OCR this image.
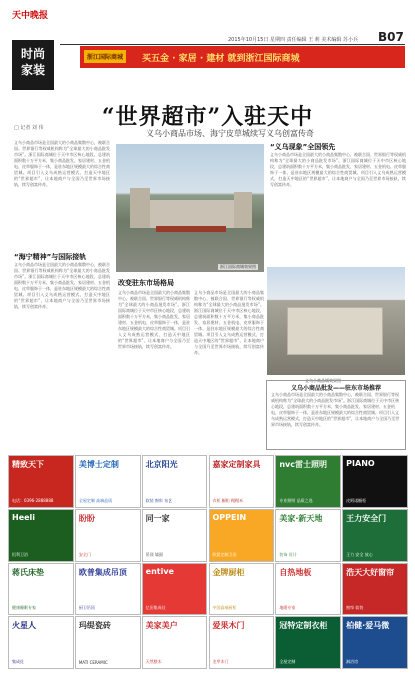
天中晚报
时尚
家装
2015年10月15日 星期四 责任编辑 王 莉 美术编辑 苏小兵 B07
浙江国际商城	买五金 · 家居 · 建材 就到浙江国际商城
“世界超市”入驻天中
义乌小商品市场、海宁皮草城续写义乌创富传奇
□ 记者 刘 伟
义乌小商品市场是全国最大的小商品集散中心，被联合国、世界银行等权威机构称为“全球最大的小商品批发市场”。浙江国际商城位于天中市区核心地段，总建筑面积数十万平方米，集小商品批发、家居建材、五金机电、皮草服饰于一体，是驻东地区规模最大的综合性商贸城。项目引入义乌成熟运营模式，打造天中地区的“世界超市”，让本地商户与全国乃至世界市场接轨，续写创富传奇。
“海宁精神”与国际接轨
义乌小商品市场是全国最大的小商品集散中心，被联合国、世界银行等权威机构称为“全球最大的小商品批发市场”。浙江国际商城位于天中市区核心地段，总建筑面积数十万平方米，集小商品批发、家居建材、五金机电、皮草服饰于一体，是驻东地区规模最大的综合性商贸城。项目引入义乌成熟运营模式，打造天中地区的“世界超市”，让本地商户与全国乃至世界市场接轨，续写创富传奇。
浙江国际商城效果图
改变驻东市场格局
义乌小商品市场是全国最大的小商品集散中心，被联合国、世界银行等权威机构称为“全球最大的小商品批发市场”。浙江国际商城位于天中市区核心地段，总建筑面积数十万平方米，集小商品批发、家居建材、五金机电、皮草服饰于一体，是驻东地区规模最大的综合性商贸城。项目引入义乌成熟运营模式，打造天中地区的“世界超市”，让本地商户与全国乃至世界市场接轨，续写创富传奇。
义乌小商品市场是全国最大的小商品集散中心，被联合国、世界银行等权威机构称为“全球最大的小商品批发市场”。浙江国际商城位于天中市区核心地段，总建筑面积数十万平方米，集小商品批发、家居建材、五金机电、皮草服饰于一体，是驻东地区规模最大的综合性商贸城。项目引入义乌成熟运营模式，打造天中地区的“世界超市”，让本地商户与全国乃至世界市场接轨，续写创富传奇。
“义乌现象”全国领先
义乌小商品市场是全国最大的小商品集散中心，被联合国、世界银行等权威机构称为“全球最大的小商品批发市场”。浙江国际商城位于天中市区核心地段，总建筑面积数十万平方米，集小商品批发、家居建材、五金机电、皮草服饰于一体，是驻东地区规模最大的综合性商贸城。项目引入义乌成熟运营模式，打造天中地区的“世界超市”，让本地商户与全国乃至世界市场接轨，续写创富传奇。
义乌小商品城效果图
义乌小商品批发——驻东市场推荐
义乌小商品市场是全国最大的小商品集散中心，被联合国、世界银行等权威机构称为“全球最大的小商品批发市场”。浙江国际商城位于天中市区核心地段，总建筑面积数十万平方米，集小商品批发、家居建材、五金机电、皮草服饰于一体，是驻东地区规模最大的综合性商贸城。项目引入义乌成熟运营模式，打造天中地区的“世界超市”，让本地商户与全国乃至世界市场接轨，续写创富传奇。
精致天下
电话：0396-2888888
美博士定制
全屋定制 高端品质
北京阳光
软装 窗帘 布艺
嘉家定制家具
衣柜 橱柜 榻榻米
nvc雷士照明
专业照明 品质之选
PIANO
皮阿诺橱柜
Heeli
恒利卫浴
盼盼
安全门
同一家
吊顶 墙面
OPPEIN
欧派定制卫浴
美家·新天地
装饰 设计
王力安全门
王力 安全 放心
蒋氏床垫
健康睡眠专家
欧普集成吊顶
厨卫吊顶
entive
亿田集成灶
金牌厨柜
中国高端厨柜
自热地板
地暖专家
浩天大好窗帘
窗帘 软装
火星人
集成灶
玛缇瓷砖
MATI CERAMIC
美家美户
天然整木
爱果木门
龙甲木门
冠特定制衣柜
全屋定制
柏健·爱马微
淋浴房
